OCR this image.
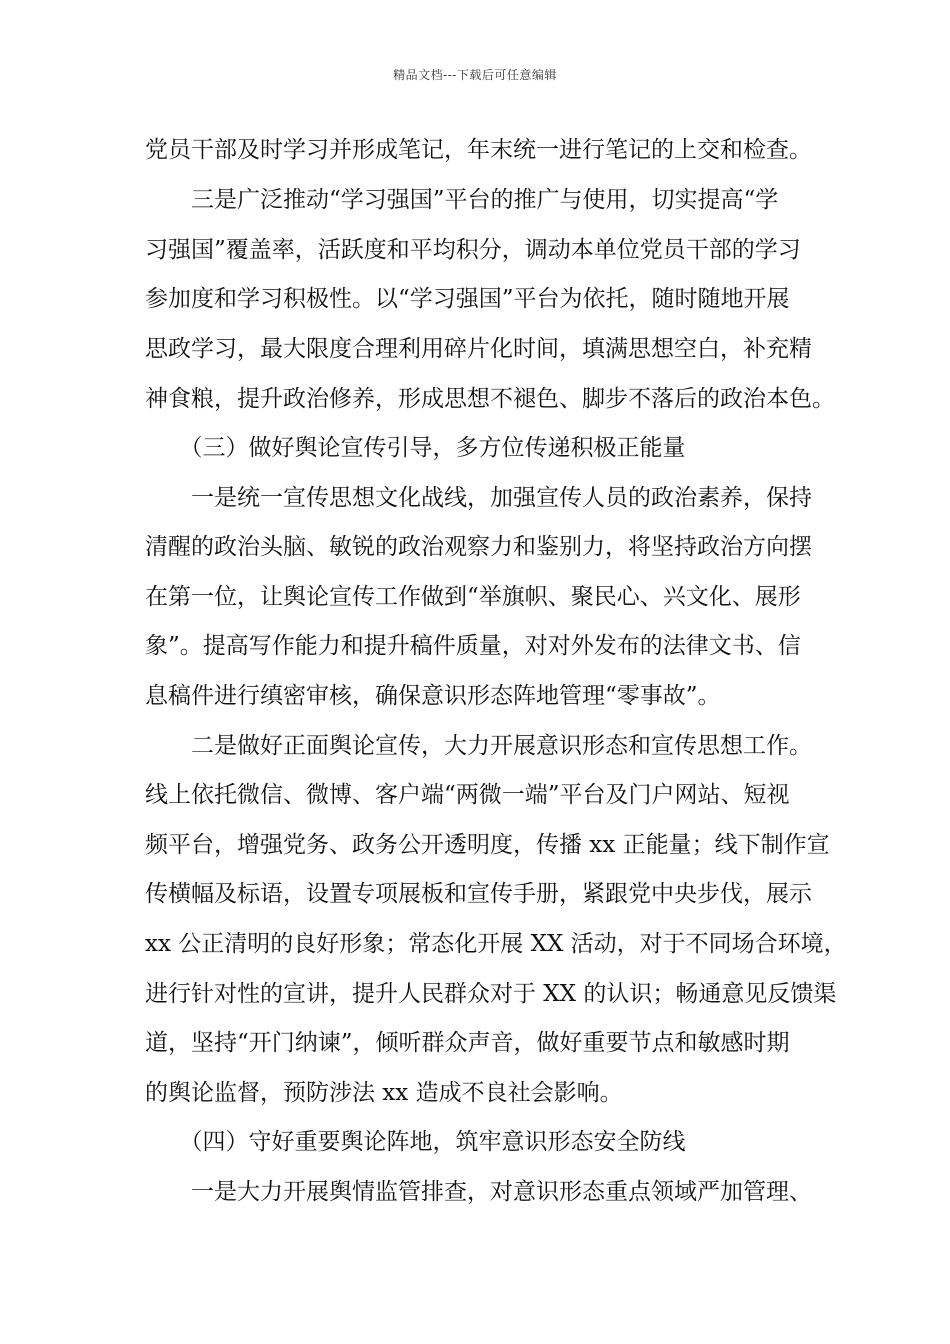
精品文档---下载后可任意编辑
党员干部及时学习并形成笔记，年末统一进行笔记的上交和检查。
　　三是广泛推动“学习强国”平台的推广与使用，切实提高“学
习强国”覆盖率，活跃度和平均积分，调动本单位党员干部的学习
参加度和学习积极性。以“学习强国”平台为依托，随时随地开展
思政学习，最大限度合理利用碎片化时间，填满思想空白，补充精
神食粮，提升政治修养，形成思想不褪色、脚步不落后的政治本色。
　　（三）做好舆论宣传引导，多方位传递积极正能量
　　一是统一宣传思想文化战线，加强宣传人员的政治素养，保持
清醒的政治头脑、敏锐的政治观察力和鉴别力，将坚持政治方向摆
在第一位，让舆论宣传工作做到“举旗帜、聚民心、兴文化、展形
象”。提高写作能力和提升稿件质量，对对外发布的法律文书、信
息稿件进行缜密审核，确保意识形态阵地管理“零事故”。
　　二是做好正面舆论宣传，大力开展意识形态和宣传思想工作。
线上依托微信、微博、客户端“两微一端”平台及门户网站、短视
频平台，增强党务、政务公开透明度，传播 xx 正能量；线下制作宣
传横幅及标语，设置专项展板和宣传手册，紧跟党中央步伐，展示
xx 公正清明的良好形象；常态化开展 XX 活动，对于不同场合环境，
进行针对性的宣讲，提升人民群众对于 XX 的认识；畅通意见反馈渠
道，坚持“开门纳谏”，倾听群众声音，做好重要节点和敏感时期
的舆论监督，预防涉法 xx 造成不良社会影响。
　　（四）守好重要舆论阵地，筑牢意识形态安全防线
　　一是大力开展舆情监管排查，对意识形态重点领域严加管理、
